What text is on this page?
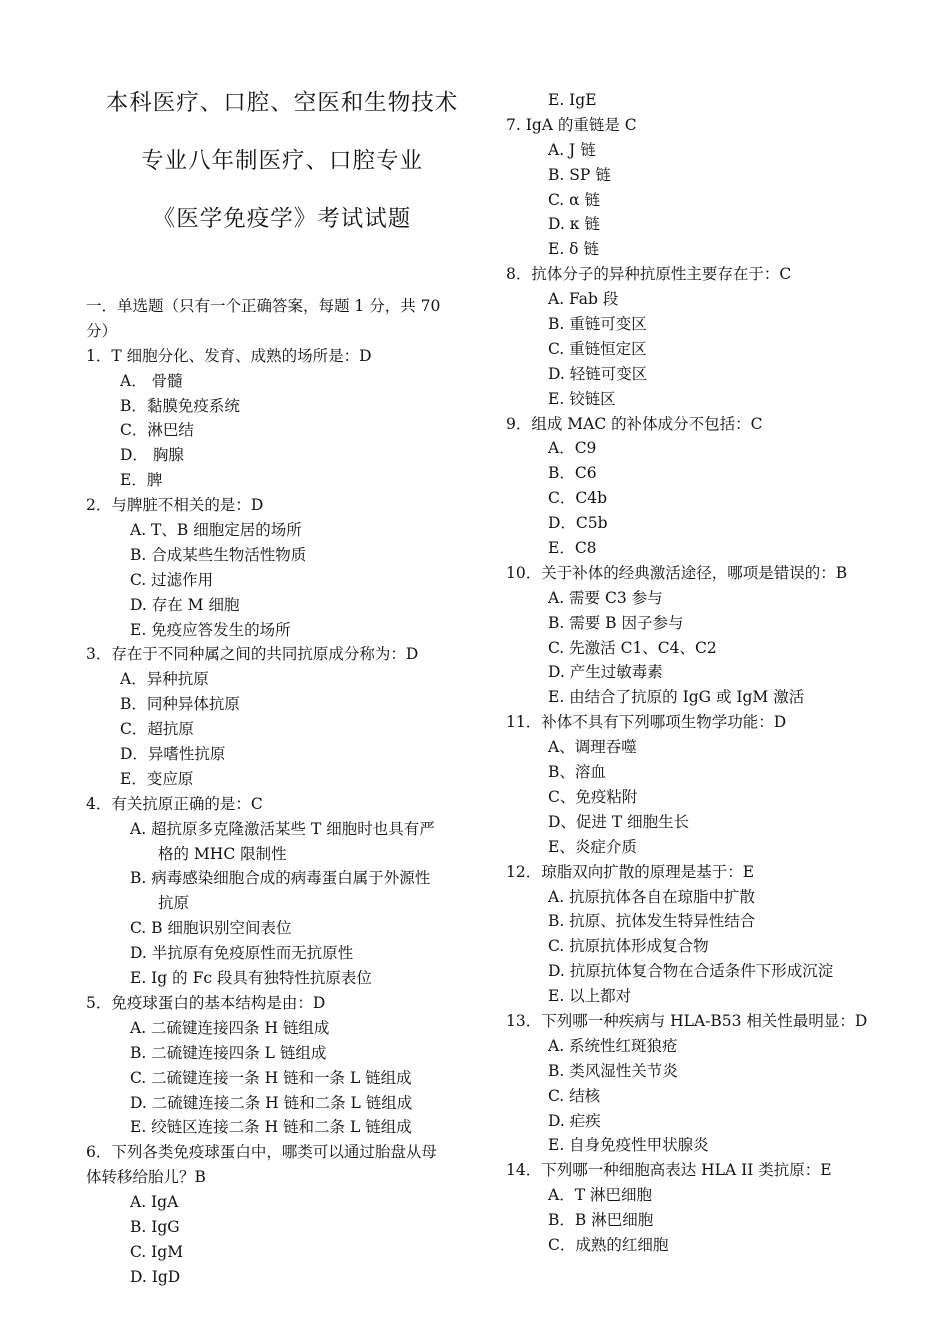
本科医疗、口腔、空医和生物技术
专业八年制医疗、口腔专业
《医学免疫学》考试试题
一．单选题（只有一个正确答案，每题 1 分，共 70
分）
1．T 细胞分化、发育、成熟的场所是：D
A． 骨髓
B．黏膜免疫系统
C．淋巴结
D． 胸腺
E．脾
2．与脾脏不相关的是：D
A. T、B 细胞定居的场所
B. 合成某些生物活性物质
C. 过滤作用
D. 存在 M 细胞
E. 免疫应答发生的场所
3．存在于不同种属之间的共同抗原成分称为：D
A．异种抗原
B．同种异体抗原
C．超抗原
D．异嗜性抗原
E．变应原
4．有关抗原正确的是：C
A. 超抗原多克隆激活某些 T 细胞时也具有严
格的 MHC 限制性
B. 病毒感染细胞合成的病毒蛋白属于外源性
抗原
C. B 细胞识别空间表位
D. 半抗原有免疫原性而无抗原性
E. Ig 的 Fc 段具有独特性抗原表位
5．免疫球蛋白的基本结构是由：D
A. 二硫键连接四条 H 链组成
B. 二硫键连接四条 L 链组成
C. 二硫键连接一条 H 链和一条 L 链组成
D. 二硫键连接二条 H 链和二条 L 链组成
E. 绞链区连接二条 H 链和二条 L 链组成
6．下列各类免疫球蛋白中，哪类可以通过胎盘从母
体转移给胎儿？B
A. IgA
B. IgG
C. IgM
D. IgD
E. IgE
7. IgA 的重链是 C
A. J 链
B. SP 链
C. α 链
D. κ 链
E. δ 链
8．抗体分子的异种抗原性主要存在于：C
A. Fab 段
B. 重链可变区
C. 重链恒定区
D. 轻链可变区
E. 铰链区
9．组成 MAC 的补体成分不包括：C
A．C9
B．C6
C．C4b
D．C5b
E．C8
10．关于补体的经典激活途径，哪项是错误的：B
A. 需要 C3 参与
B. 需要 B 因子参与
C. 先激活 C1、C4、C2
D. 产生过敏毒素
E. 由结合了抗原的 IgG 或 IgM 激活
11．补体不具有下列哪项生物学功能：D
A、调理吞噬
B、溶血
C、免疫粘附
D、促进 T 细胞生长
E、炎症介质
12．琼脂双向扩散的原理是基于：E
A. 抗原抗体各自在琼脂中扩散
B. 抗原、抗体发生特异性结合
C. 抗原抗体形成复合物
D. 抗原抗体复合物在合适条件下形成沉淀
E. 以上都对
13．下列哪一种疾病与 HLA-B53 相关性最明显：D
A. 系统性红斑狼疮
B. 类风湿性关节炎
C. 结核
D. 疟疾
E. 自身免疫性甲状腺炎
14．下列哪一种细胞高表达 HLA II 类抗原：E
A．T 淋巴细胞
B．B 淋巴细胞
C．成熟的红细胞
